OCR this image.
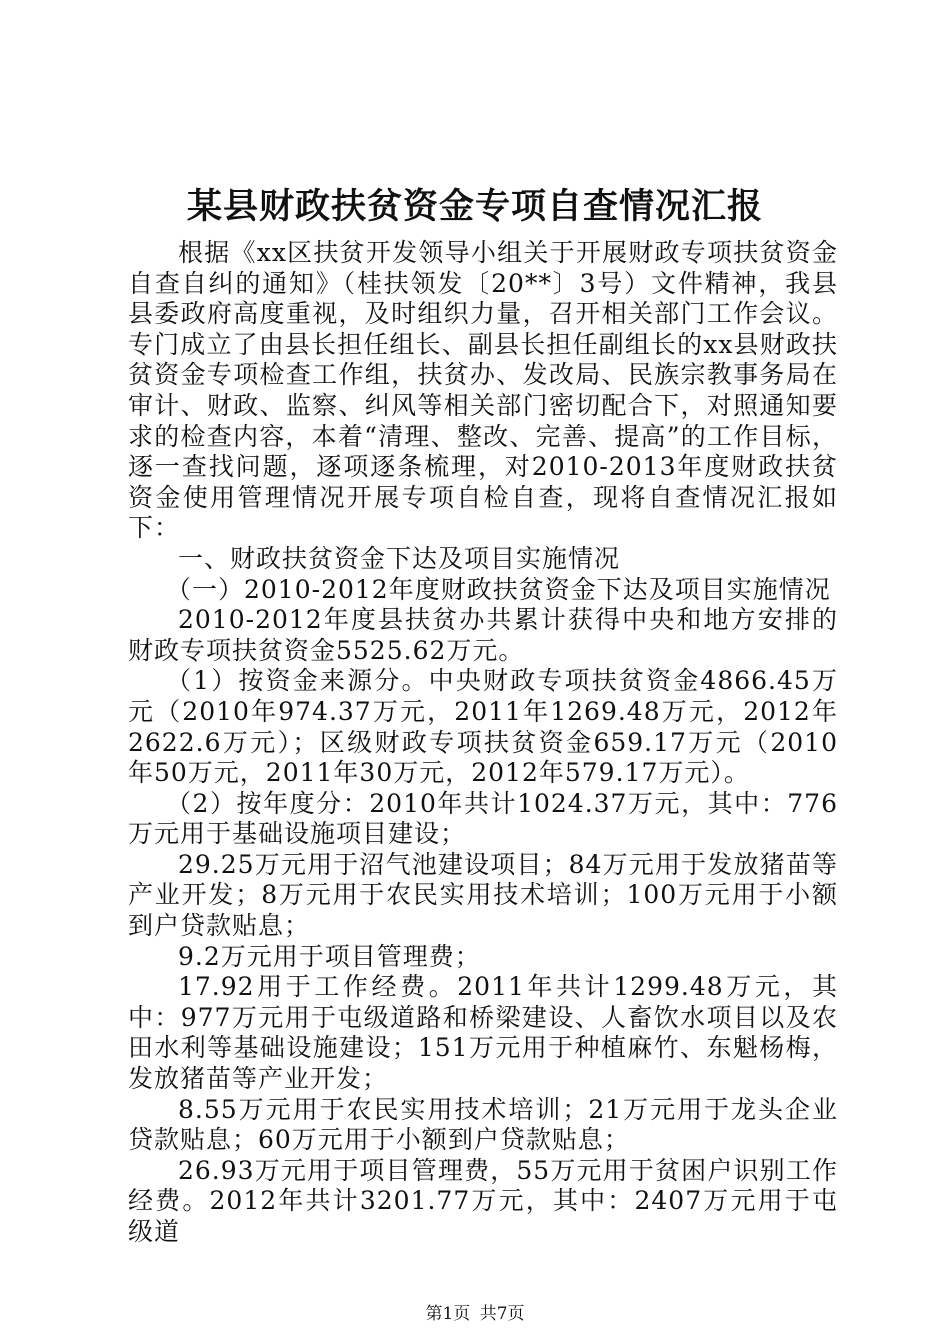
某县财政扶贫资金专项自查情况汇报

根据《xx区扶贫开发领导小组关于开展财政专项扶贫资金自查自纠的通知》（桂扶领发〔20**〕3号）文件精神，我县县委政府高度重视，及时组织力量，召开相关部门工作会议。专门成立了由县长担任组长、副县长担任副组长的xx县财政扶贫资金专项检查工作组，扶贫办、发改局、民族宗教事务局在审计、财政、监察、纠风等相关部门密切配合下，对照通知要求的检查内容，本着“清理、整改、完善、提高”的工作目标，逐一查找问题，逐项逐条梳理，对2010-2013年度财政扶贫资金使用管理情况开展专项自检自查，现将自查情况汇报如下：

一、财政扶贫资金下达及项目实施情况

（一）2010-2012年度财政扶贫资金下达及项目实施情况

2010-2012年度县扶贫办共累计获得中央和地方安排的财政专项扶贫资金5525.62万元。

（1）按资金来源分。中央财政专项扶贫资金4866.45万元（2010年974.37万元，2011年1269.48万元，2012年2622.6万元）；区级财政专项扶贫资金659.17万元（2010年50万元，2011年30万元，2012年579.17万元）。

（2）按年度分：2010年共计1024.37万元，其中：776万元用于基础设施项目建设；

29.25万元用于沼气池建设项目；84万元用于发放猪苗等产业开发；8万元用于农民实用技术培训；100万元用于小额到户贷款贴息；

9.2万元用于项目管理费；

17.92用于工作经费。2011年共计1299.48万元，其中：977万元用于屯级道路和桥梁建设、人畜饮水项目以及农田水利等基础设施建设；151万元用于种植麻竹、东魁杨梅，发放猪苗等产业开发；

8.55万元用于农民实用技术培训；21万元用于龙头企业贷款贴息；60万元用于小额到户贷款贴息；

26.93万元用于项目管理费，55万元用于贫困户识别工作经费。2012年共计3201.77万元，其中：2407万元用于屯级道

第1页 共7页
